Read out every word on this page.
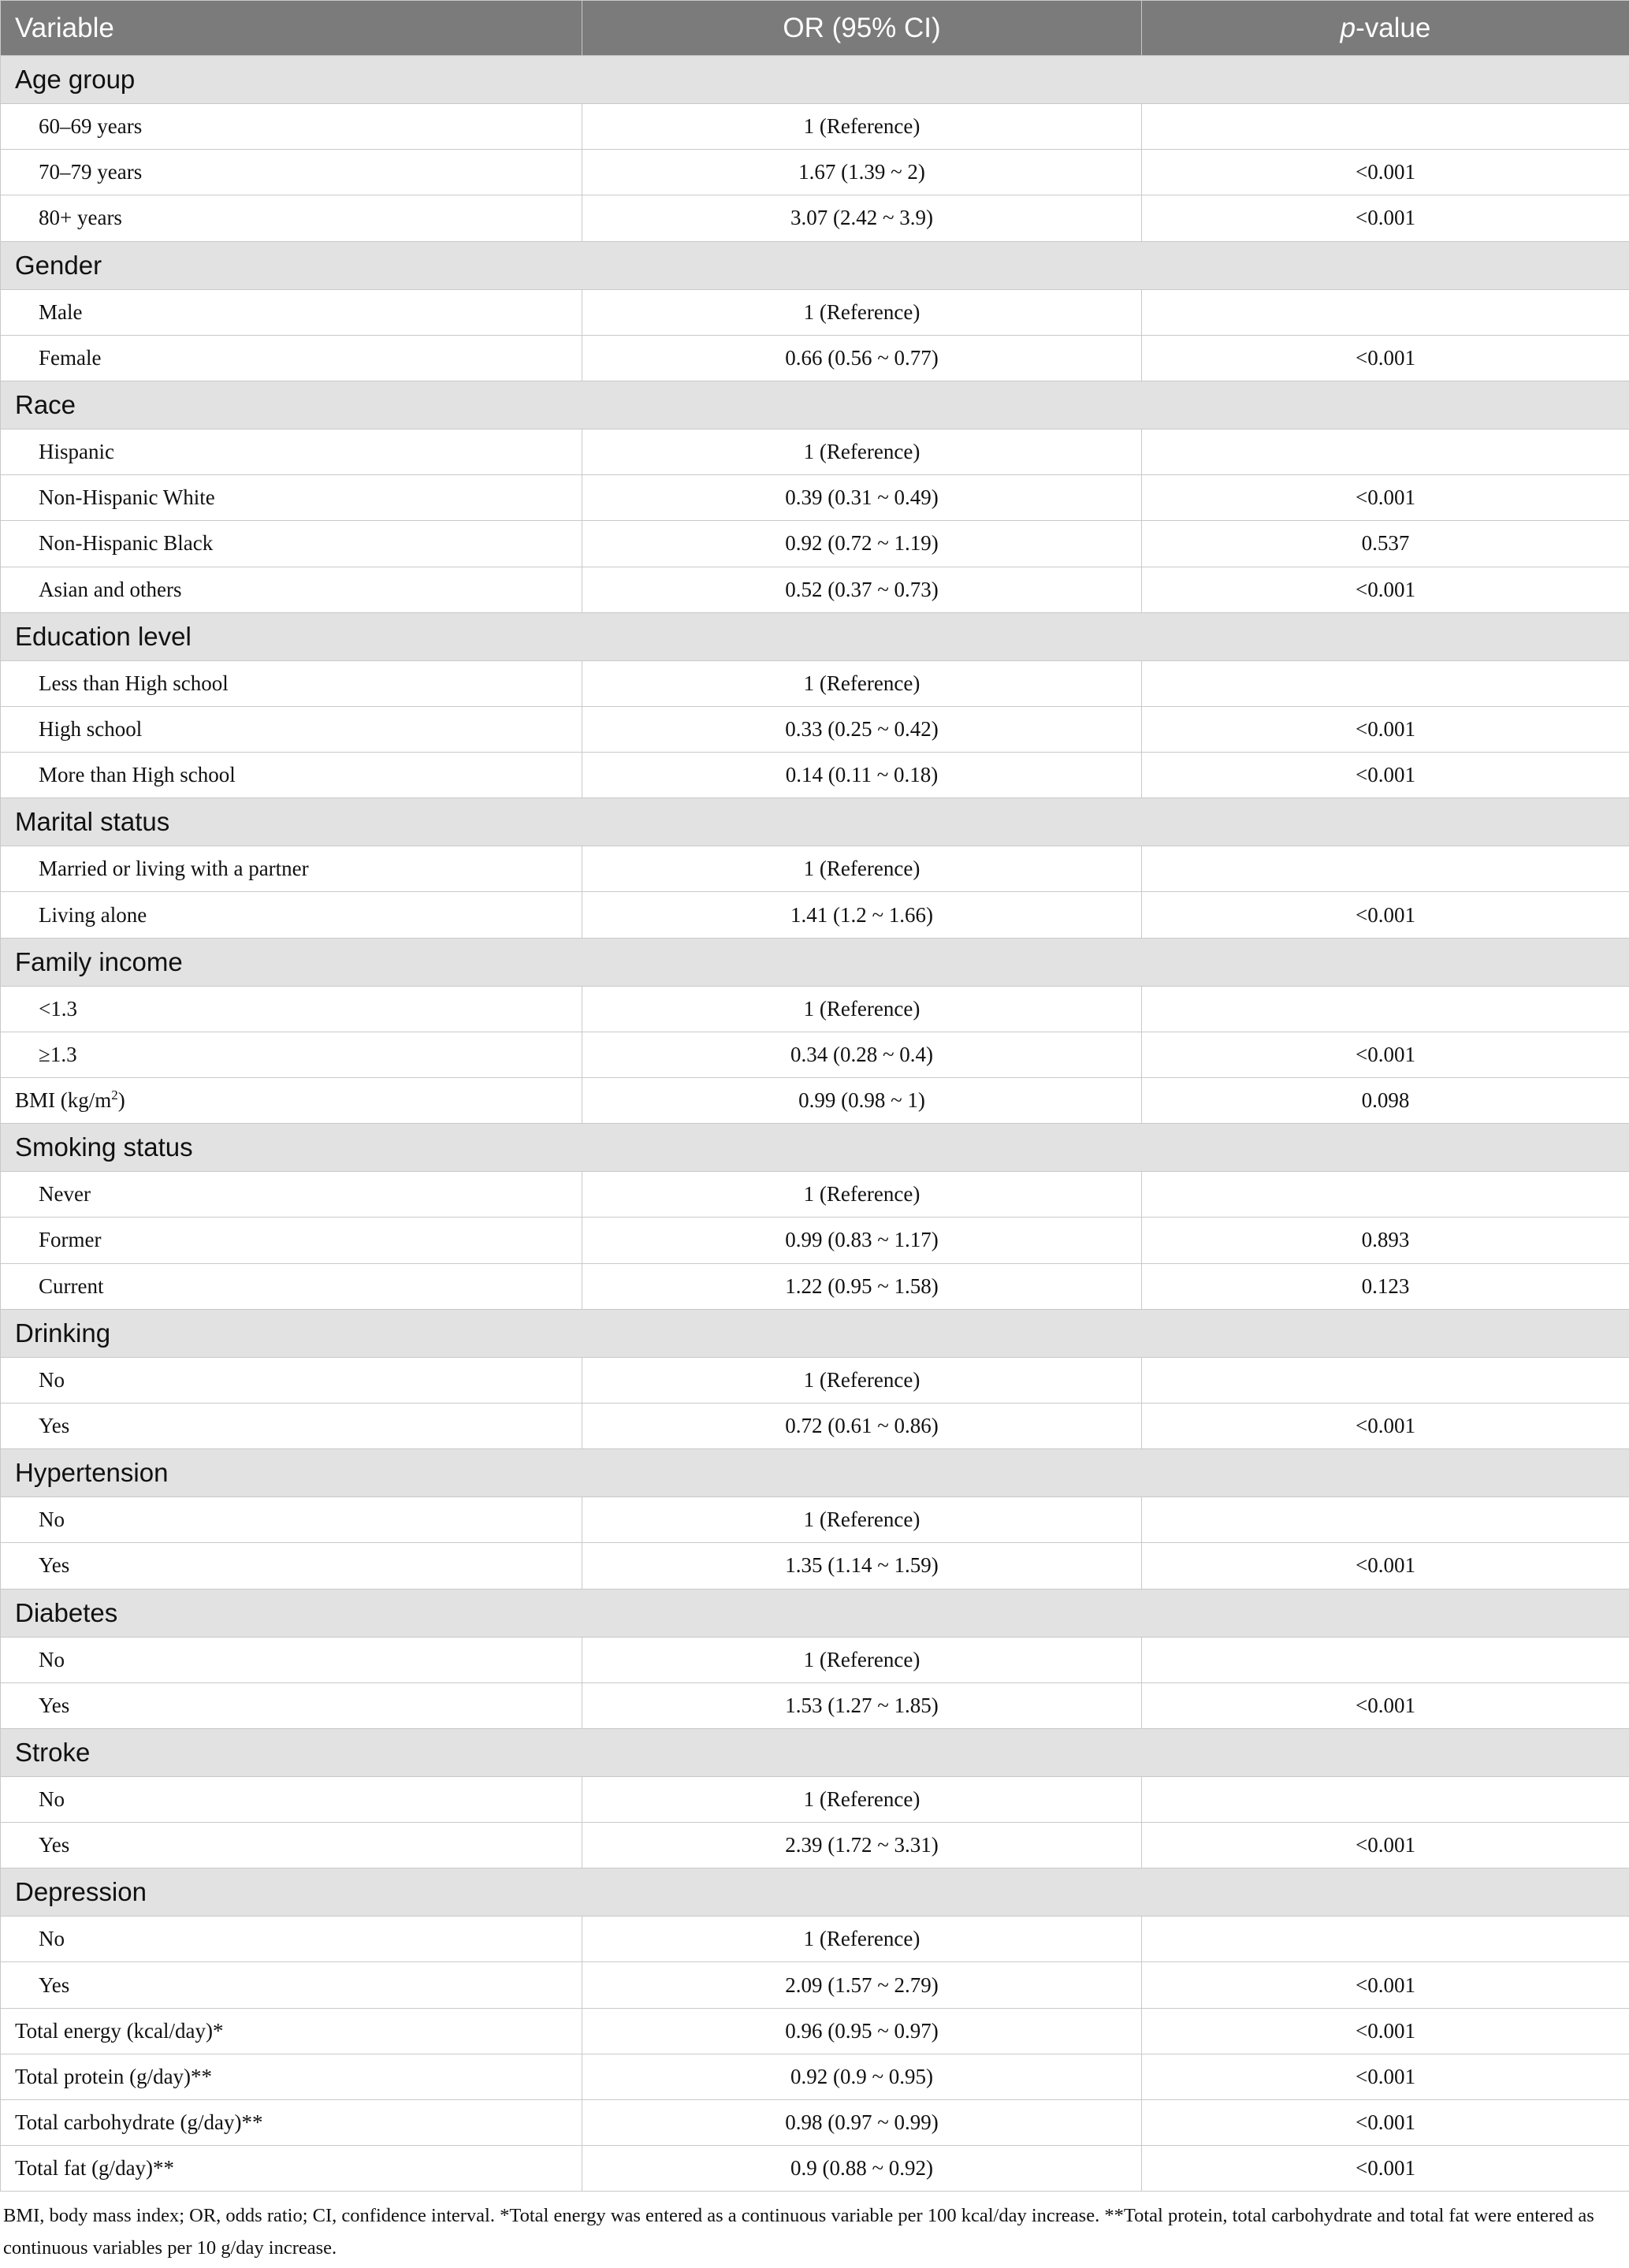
Variable	OR (95% CI)	p-value
Age group		
60–69 years	1 (Reference)	
70–79 years	1.67 (1.39 ~ 2)	<0.001
80+ years	3.07 (2.42 ~ 3.9)	<0.001
Gender		
Male	1 (Reference)	
Female	0.66 (0.56 ~ 0.77)	<0.001
Race		
Hispanic	1 (Reference)	
Non-Hispanic White	0.39 (0.31 ~ 0.49)	<0.001
Non-Hispanic Black	0.92 (0.72 ~ 1.19)	0.537
Asian and others	0.52 (0.37 ~ 0.73)	<0.001
Education level		
Less than High school	1 (Reference)	
High school	0.33 (0.25 ~ 0.42)	<0.001
More than High school	0.14 (0.11 ~ 0.18)	<0.001
Marital status		
Married or living with a partner	1 (Reference)	
Living alone	1.41 (1.2 ~ 1.66)	<0.001
Family income		
<1.3	1 (Reference)	
≥1.3	0.34 (0.28 ~ 0.4)	<0.001
BMI $(kg/m^2)$	0.99 (0.98 ~ 1)	0.098
Smoking status		
Never	1 (Reference)	
Former	0.99 (0.83 ~ 1.17)	0.893
Current	1.22 (0.95 ~ 1.58)	0.123
Drinking		
No	1 (Reference)	
Yes	0.72 (0.61 ~ 0.86)	<0.001
Hypertension		
No	1 (Reference)	
Yes	1.35 (1.14 ~ 1.59)	<0.001
Diabetes		
No	1 (Reference)	
Yes	1.53 (1.27 ~ 1.85)	<0.001
Stroke		
No	1 (Reference)	
Yes	2.39 (1.72 ~ 3.31)	<0.001
Depression		
No	1 (Reference)	
Yes	2.09 (1.57 ~ 2.79)	<0.001
Total energy (kcal/day)*	0.96 (0.95 ~ 0.97)	<0.001
Total protein (g/day)**	0.92 (0.9 ~ 0.95)	<0.001
Total carbohydrate (g/day)**	0.98 (0.97 ~ 0.99)	<0.001
Total fat (g/day)**	0.9 (0.88 ~ 0.92)	<0.001
BMI, body mass index; OR, odds ratio; CI, confidence interval. *Total energy was entered as a continuous variable per 100 kcal/day increase. **Total protein, total carbohydrate and total fat were entered as continuous variables per 10 g/day increase.
